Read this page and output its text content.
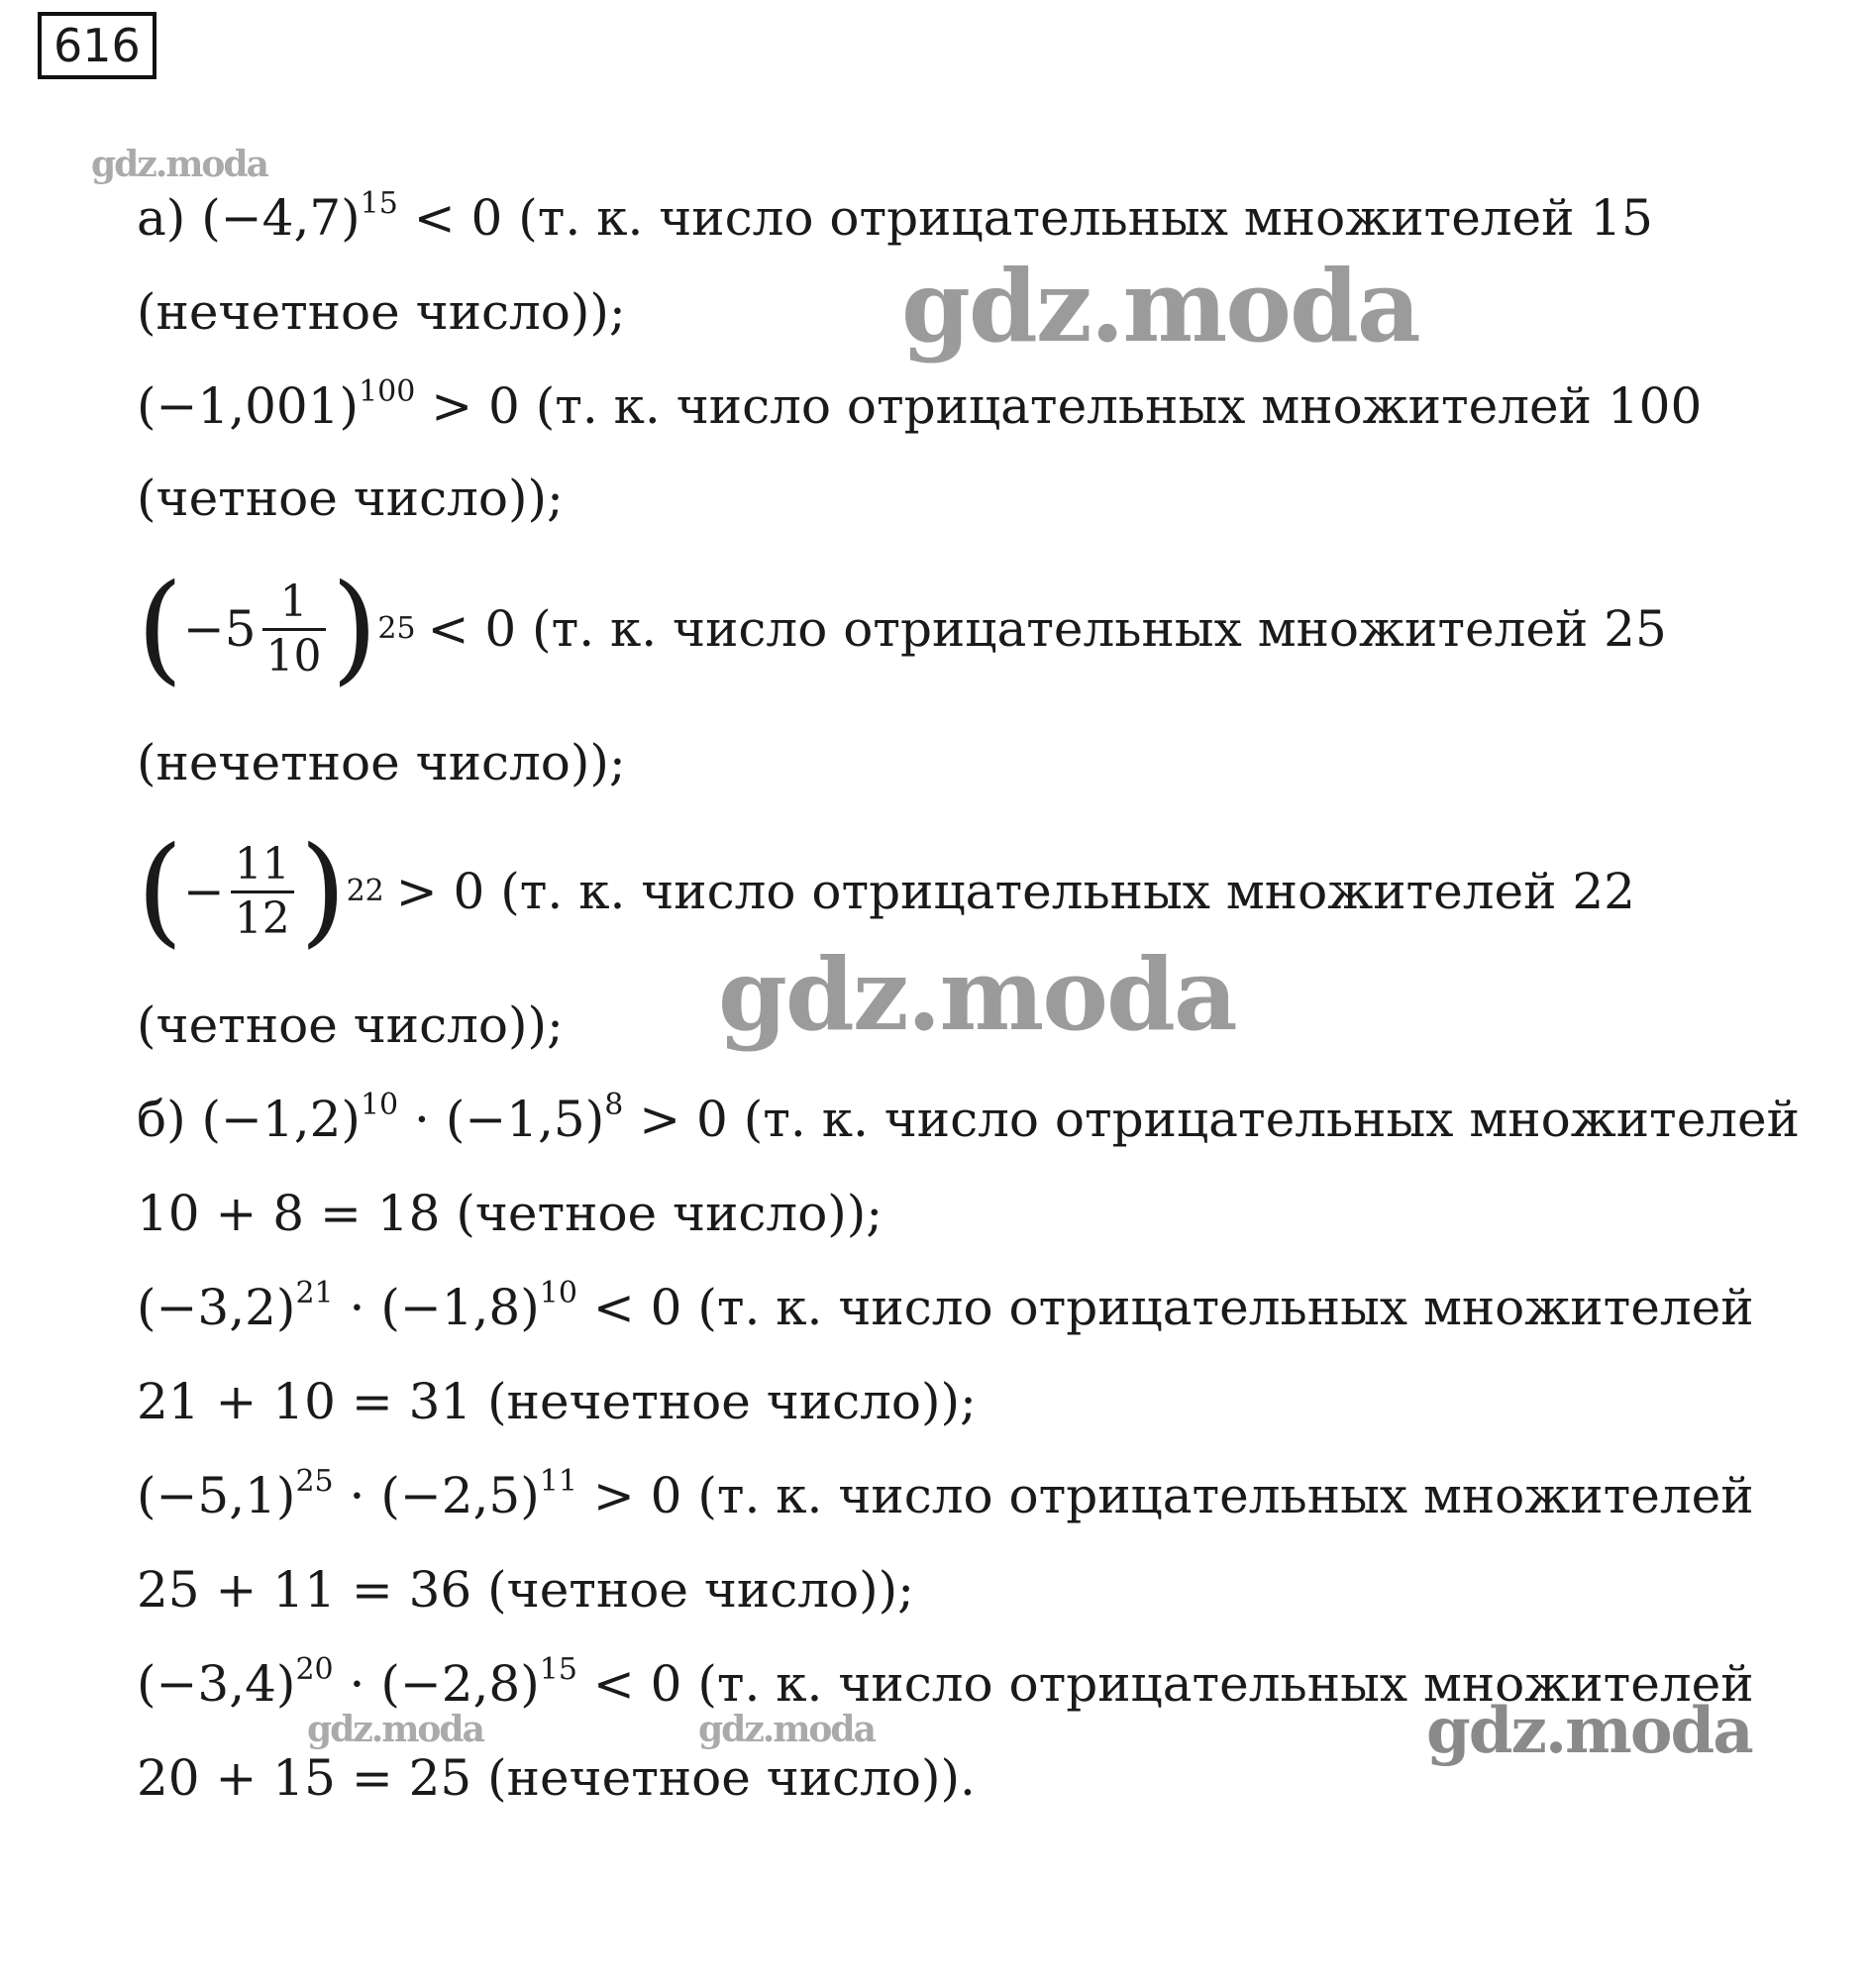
616
а) $(-4,7)^{15} < 0$ (т. к. число отрицательных множителей 15
(нечетное число));
$(-1,001)^{100} > 0$ (т. к. число отрицательных множителей 100
(четное число));
( $-5 \frac{1}{10}$ ) 25 < 0 (т. к. число отрицательных множителей 25
(нечетное число));
( − $\frac{11}{12}$ ) 22 > 0 (т. к. число отрицательных множителей 22
(четное число));
б) $(-1,2)^{10} \cdot (-1,5)^8 > 0$ (т. к. число отрицательных множителей
10 + 8 = 18 (четное число));
$(-3,2)^{21} \cdot (-1,8)^{10} < 0$ (т. к. число отрицательных множителей
21 + 10 = 31 (нечетное число));
$(-5,1)^{25} \cdot (-2,5)^{11} > 0$ (т. к. число отрицательных множителей
25 + 11 = 36 (четное число));
$(-3,4)^{20} \cdot (-2,8)^{15} < 0$ (т. к. число отрицательных множителей
20 + 15 = 25 (нечетное число)).
gdz.moda
gdz.moda
gdz.moda
gdz.moda	gdz.moda	gdz.moda
